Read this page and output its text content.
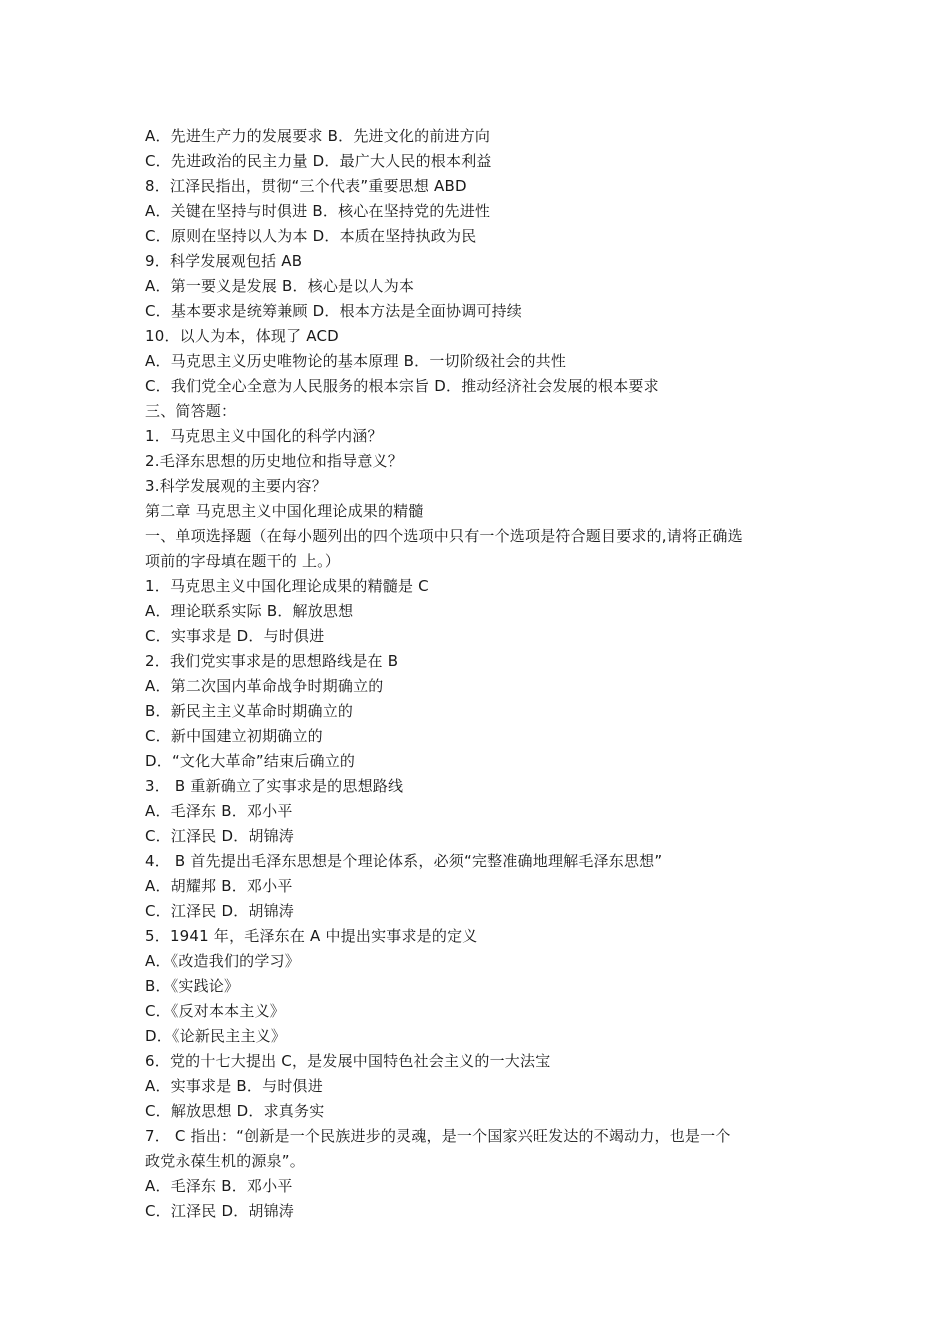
A．先进生产力的发展要求 B．先进文化的前进方向
C．先进政治的民主力量 D．最广大人民的根本利益
8．江泽民指出，贯彻“三个代表”重要思想 ABD
A．关键在坚持与时俱进 B．核心在坚持党的先进性
C．原则在坚持以人为本 D．本质在坚持执政为民
9．科学发展观包括 AB
A．第一要义是发展 B．核心是以人为本
C．基本要求是统筹兼顾 D．根本方法是全面协调可持续
10．以人为本，体现了 ACD
A．马克思主义历史唯物论的基本原理 B．一切阶级社会的共性
C．我们党全心全意为人民服务的根本宗旨 D．推动经济社会发展的根本要求
三、简答题：
1．马克思主义中国化的科学内涵？
2.毛泽东思想的历史地位和指导意义？
3.科学发展观的主要内容？
第二章 马克思主义中国化理论成果的精髓
一、单项选择题（在每小题列出的四个选项中只有一个选项是符合题目要求的,请将正确选
项前的字母填在题干的 上。）
1．马克思主义中国化理论成果的精髓是 C
A．理论联系实际 B．解放思想
C．实事求是 D．与时俱进
2．我们党实事求是的思想路线是在 B
A．第二次国内革命战争时期确立的
B．新民主主义革命时期确立的
C．新中国建立初期确立的
D．“文化大革命”结束后确立的
3． B 重新确立了实事求是的思想路线
A．毛泽东 B．邓小平
C．江泽民 D．胡锦涛
4． B 首先提出毛泽东思想是个理论体系，必须“完整准确地理解毛泽东思想”
A．胡耀邦 B．邓小平
C．江泽民 D．胡锦涛
5．1941 年，毛泽东在 A 中提出实事求是的定义
A．《改造我们的学习》
B．《实践论》
C．《反对本本主义》
D．《论新民主主义》
6．党的十七大提出 C，是发展中国特色社会主义的一大法宝
A．实事求是 B．与时俱进
C．解放思想 D．求真务实
7． C 指出：“创新是一个民族进步的灵魂，是一个国家兴旺发达的不竭动力，也是一个
政党永葆生机的源泉”。
A．毛泽东 B．邓小平
C．江泽民 D．胡锦涛
